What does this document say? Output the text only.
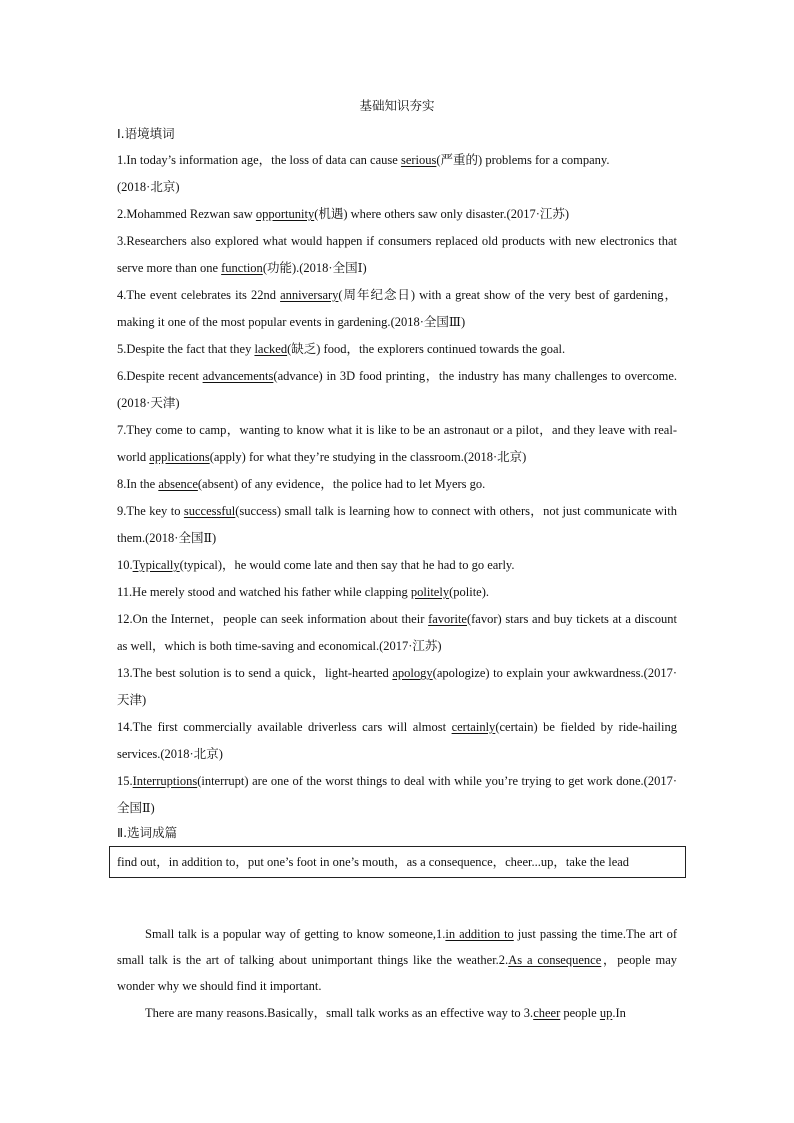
基础知识夯实
Ⅰ.语境填词
1.In today’s information age，the loss of data can cause serious(严重的) problems for a company.
(2018·北京)
2.Mohammed Rezwan saw opportunity(机遇) where others saw only disaster.(2017·江苏)
3.Researchers also explored what would happen if consumers replaced old products with new electronics that serve more than one function(功能).(2018·全国Ⅰ)
4.The event celebrates its 22nd anniversary(周年纪念日) with a great show of the very best of gardening，making it one of the most popular events in gardening.(2018·全国Ⅲ)
5.Despite the fact that they lacked(缺乏) food，the explorers continued towards the goal.
6.Despite recent advancements(advance) in 3D food printing，the industry has many challenges to overcome.(2018·天津)
7.They come to camp，wanting to know what it is like to be an astronaut or a pilot，and they leave with real-world applications(apply) for what they’re studying in the classroom.(2018·北京)
8.In the absence(absent) of any evidence，the police had to let Myers go.
9.The key to successful(success) small talk is learning how to connect with others，not just communicate with them.(2018·全国Ⅱ)
10.Typically(typical)，he would come late and then say that he had to go early.
11.He merely stood and watched his father while clapping politely(polite).
12.On the Internet，people can seek information about their favorite(favor) stars and buy tickets at a discount as well，which is both time-saving and economical.(2017·江苏)
13.The best solution is to send a quick，light-hearted apology(apologize) to explain your awkwardness.(2017·天津)
14.The first commercially available driverless cars will almost certainly(certain) be fielded by ride-hailing services.(2018·北京)
15.Interruptions(interrupt) are one of the worst things to deal with while you’re trying to get work done.(2017·全国Ⅱ)
Ⅱ.选词成篇
find out，in addition to，put one’s foot in one’s mouth，as a consequence，cheer...up，take the lead

Small talk is a popular way of getting to know someone,1.in addition to just passing the time.The art of small talk is the art of talking about unimportant things like the weather.2.As a consequence，people may wonder why we should find it important.

There are many reasons.Basically，small talk works as an effective way to 3.cheer people up.In
